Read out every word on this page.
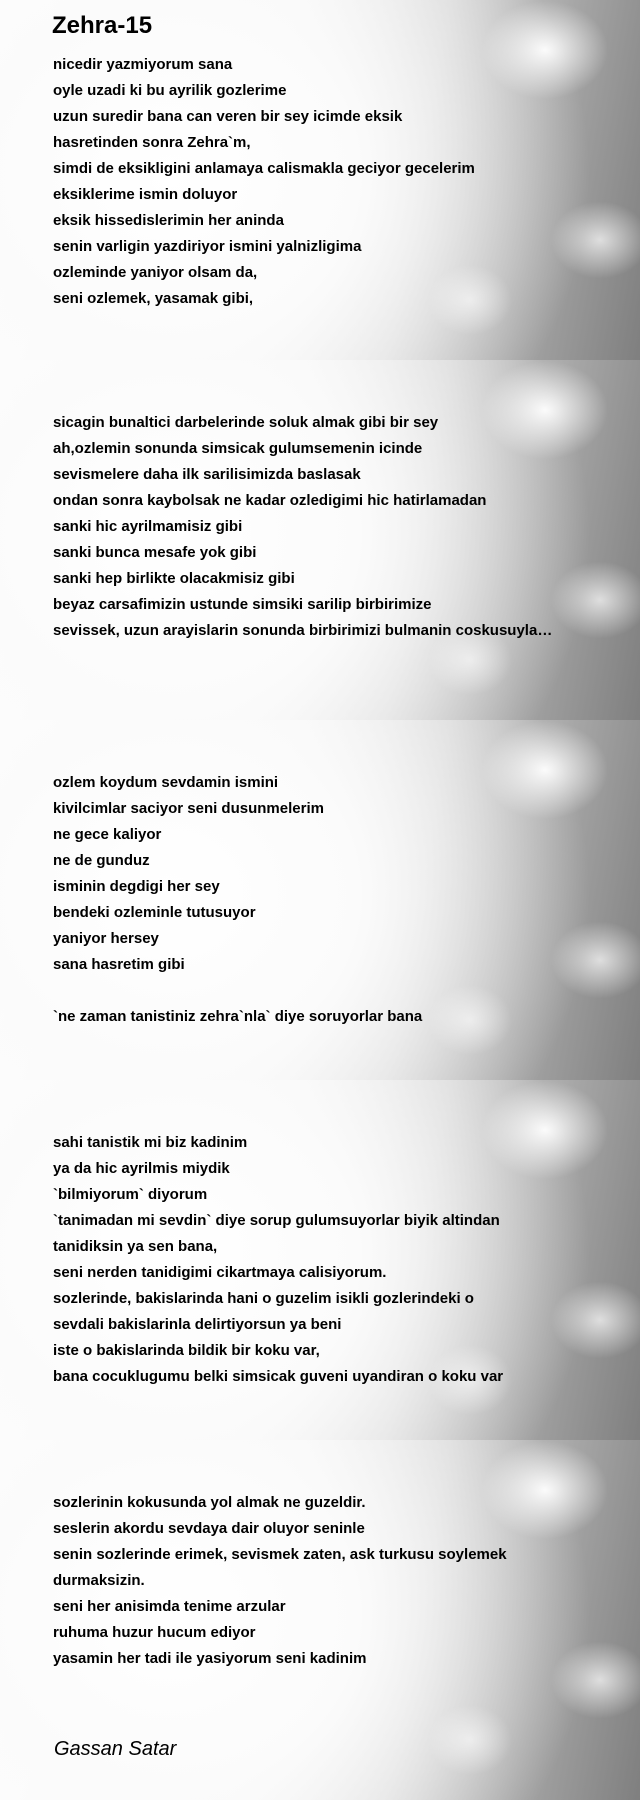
Zehra-15
nicedir yazmiyorum sana
oyle uzadi ki bu ayrilik gozlerime
uzun suredir bana can veren bir sey icimde eksik
hasretinden sonra Zehra`m,
simdi de eksikligini anlamaya calismakla geciyor gecelerim
eksiklerime ismin doluyor
eksik hissedislerimin her aninda
senin varligin yazdiriyor ismini yalnizligima
ozleminde yaniyor olsam da,
seni ozlemek, yasamak gibi,
sicagin bunaltici darbelerinde soluk almak gibi bir sey
ah,ozlemin sonunda simsicak gulumsemenin icinde
sevismelere daha ilk sarilisimizda baslasak
ondan sonra kaybolsak ne kadar ozledigimi hic hatirlamadan
sanki hic ayrilmamisiz gibi
sanki bunca mesafe yok gibi
sanki hep birlikte olacakmisiz gibi
beyaz carsafimizin ustunde simsiki sarilip birbirimize
sevissek, uzun arayislarin sonunda birbirimizi bulmanin coskusuyla…
ozlem koydum sevdamin ismini
kivilcimlar saciyor seni dusunmelerim
ne gece kaliyor
ne de gunduz
isminin degdigi her sey
bendeki ozleminle tutusuyor
yaniyor hersey
sana hasretim gibi
`ne zaman tanistiniz zehra`nla` diye soruyorlar bana
sahi tanistik mi biz kadinim
ya da hic ayrilmis miydik
`bilmiyorum` diyorum
`tanimadan mi sevdin` diye sorup gulumsuyorlar biyik altindan
tanidiksin ya sen bana,
seni nerden tanidigimi cikartmaya calisiyorum.
sozlerinde, bakislarinda hani o guzelim isikli gozlerindeki o
sevdali bakislarinla delirtiyorsun ya beni
iste o bakislarinda bildik bir koku var,
bana cocuklugumu belki simsicak guveni uyandiran o koku var
sozlerinin kokusunda yol almak ne guzeldir.
seslerin akordu sevdaya dair oluyor seninle
senin sozlerinde erimek, sevismek zaten, ask turkusu soylemek
durmaksizin.
seni her anisimda tenime arzular
ruhuma huzur hucum ediyor
yasamin her tadi ile yasiyorum seni kadinim
Gassan Satar
